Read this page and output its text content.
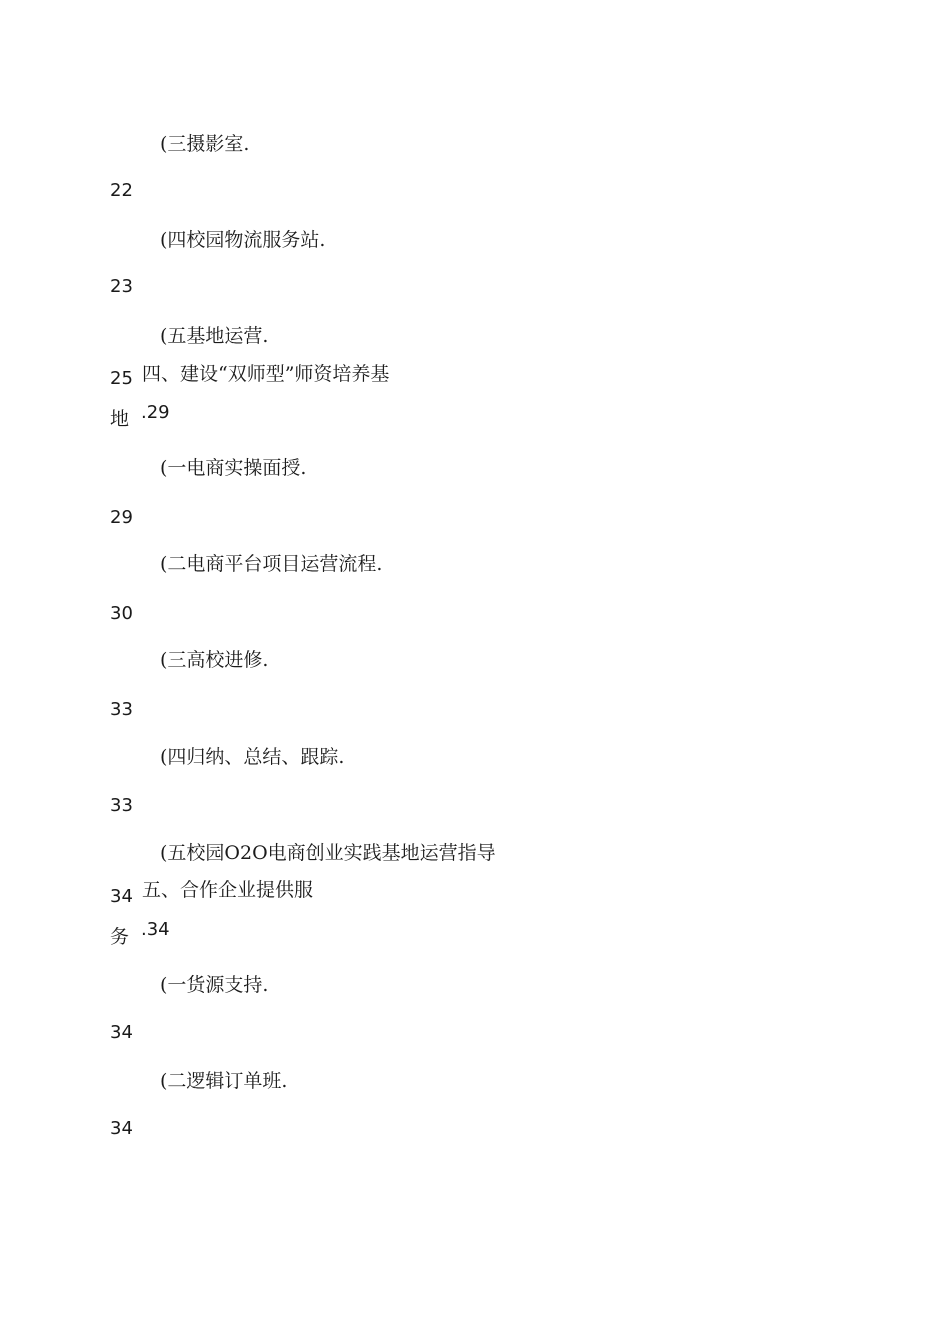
(三摄影室.
22
(四校园物流服务站.
23
(五基地运营.
25 四、建设“双师型”师资培养基
地 .29
(一电商实操面授.
29
(二电商平台项目运营流程.
30
(三高校进修.
33
(四归纳、总结、跟踪.
33
(五校园O2O电商创业实践基地运营指导
34 五、合作企业提供服
务 .34
(一货源支持.
34
(二逻辑订单班.
34
